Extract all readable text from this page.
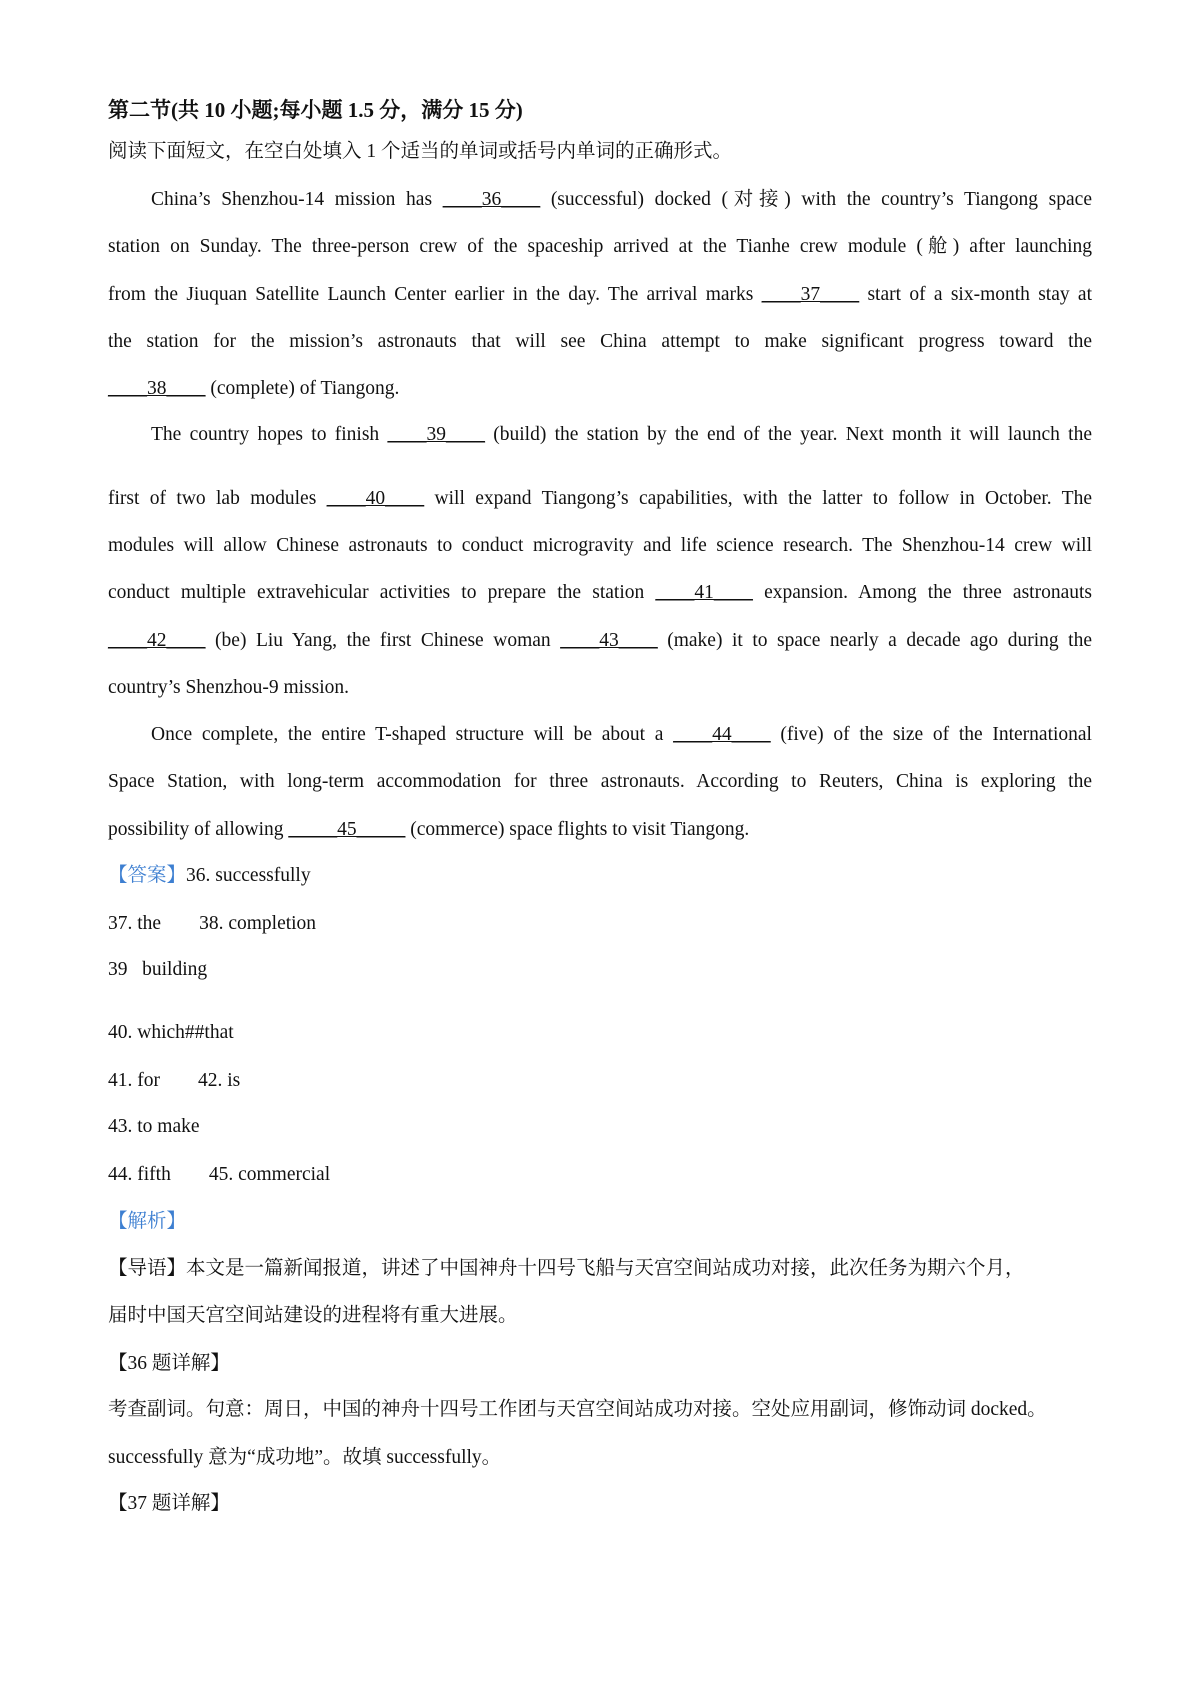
第二节(共 10 小题;每小题 1.5 分，满分 15 分)
阅读下面短文，在空白处填入 1 个适当的单词或括号内单词的正确形式。
China’s Shenzhou-14 mission has ____36____ (successful) docked (对接) with the country’s Tiangong space
station on Sunday. The three-person crew of the spaceship arrived at the Tianhe crew module (舱) after launching
from the Jiuquan Satellite Launch Center earlier in the day. The arrival marks ____37____ start of a six-month stay at
the station for the mission’s astronauts that will see China attempt to make significant progress toward the
____38____ (complete) of Tiangong.
The country hopes to finish ____39____ (build) the station by the end of the year. Next month it will launch the
first of two lab modules ____40____ will expand Tiangong’s capabilities, with the latter to follow in October. The
modules will allow Chinese astronauts to conduct microgravity and life science research. The Shenzhou-14 crew will
conduct multiple extravehicular activities to prepare the station ____41____ expansion. Among the three astronauts
____42____ (be) Liu Yang, the first Chinese woman ____43____ (make) it to space nearly a decade ago during the
country’s Shenzhou-9 mission.
Once complete, the entire T-shaped structure will be about a ____44____ (five) of the size of the International
Space Station, with long-term accommodation for three astronauts. According to Reuters, China is exploring the
possibility of allowing _____45_____ (commerce) space flights to visit Tiangong.
【答案】36. successfully
37. the 38. completion
39   building
40. which##that
41. for 42. is
43. to make
44. fifth 45. commercial
【解析】
【导语】本文是一篇新闻报道，讲述了中国神舟十四号飞船与天宫空间站成功对接，此次任务为期六个月，
届时中国天宫空间站建设的进程将有重大进展。
【36 题详解】
考查副词。句意：周日，中国的神舟十四号工作团与天宫空间站成功对接。空处应用副词，修饰动词 docked。
successfully 意为“成功地”。故填 successfully。
【37 题详解】
